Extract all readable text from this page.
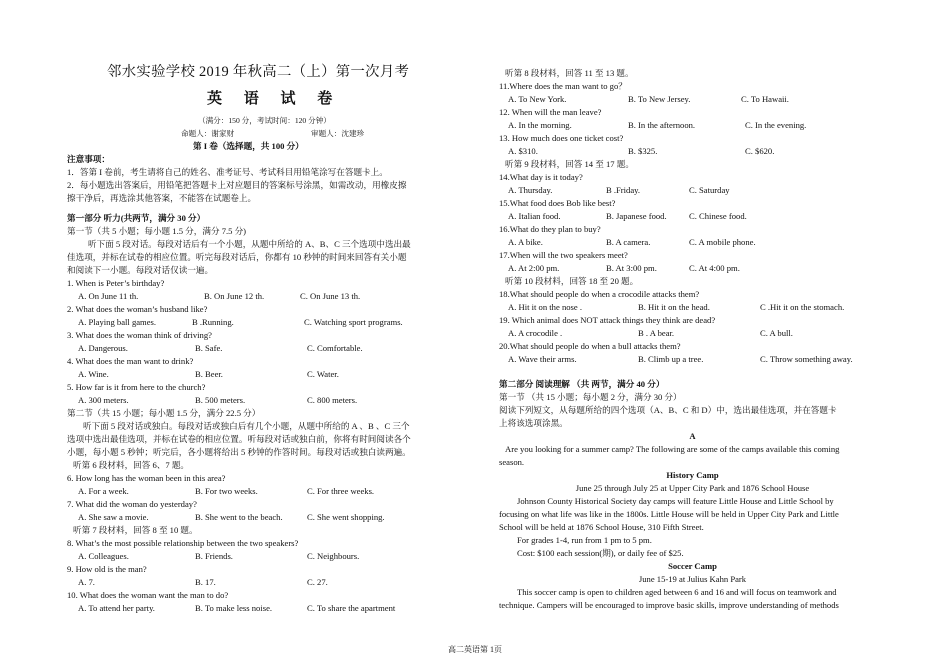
邻水实验学校 2019 年秋高二（上）第一次月考
英 语 试 卷
（满分：150 分，考试时间：120 分钟）
命题人：谢家财	审题人：沈建珍
第 I 卷（选择题，共 100 分）
注意事项：
1．答第 I 卷前，考生请将自己的姓名、准考证号、考试科目用铅笔涂写在答题卡上。
2．每小题选出答案后，用铅笔把答题卡上对应题目的答案标号涂黑，如需改动，用橡皮擦
擦干净后，再选涂其他答案，不能答在试题卷上。
第一部分 听力(共两节，满分 30 分）
第一节（共 5 小题；每小题 1.5 分，满分 7.5 分)
听下面 5 段对话。每段对话后有一个小题，从题中所给的 A、B、C 三个选项中选出最
佳选项，并标在试卷的相应位置。听完每段对话后，你都有 10 秒钟的时间来回答有关小题
和阅读下一小题。每段对话仅读一遍。
1. When is Peter’s birthday?
A. On June 11 th.	B. On June 12 th.	C. On June 13 th.
2. What does the woman’s husband like?
A. Playing ball games.	B .Running.	C. Watching sport programs.
3. What does the woman think of driving?
A. Dangerous.	B. Safe.	C. Comfortable.
4. What does the man want to drink?
A. Wine.	B. Beer.	C. Water.
5. How far is it from here to the church?
A. 300 meters.	B. 500 meters.	C. 800 meters.
第二节（共 15 小题；每小题 1.5 分，满分 22.5 分）
听下面 5 段对话或独白。每段对话或独白后有几个小题，从题中所给的 A 、B 、C 三个
选项中选出最佳选项，并标在试卷的相应位置。听每段对话或独白前，你将有时间阅读各个
小题，每小题 5 秒钟；听完后，各小题将给出 5 秒钟的作答时间。每段对话或独白读两遍。
听第 6 段材料，回答 6、7 题。
6. How long has the woman been in this area?
A. For a week.	B. For two weeks.	C. For three weeks.
7. What did the woman do yesterday?
A. She saw a movie.	B. She went to the beach.	C. She went shopping.
听第 7 段材料，回答 8 至 10 题。
8. What’s the most possible relationship between the two speakers?
A. Colleagues.	B. Friends.	C. Neighbours.
9. How old is the man?
A. 7.	B. 17.	C. 27.
10. What does the woman want the man to do?
A. To attend her party.	B. To make less noise.	C. To share the apartment
听第 8 段材料，回答 11 至 13 题。
11.Where does the man want to go？
A. To New York.	B. To New Jersey.	C. To Hawaii.
12. When will the man leave?
A. In the morning.	B. In the afternoon.	C. In the evening.
13. How much does one ticket cost?
A. $310.	B. $325.	C. $620.
听第 9 段材料，回答 14 至 17 题。
14.What day is it today?
A. Thursday.	B .Friday.	C. Saturday
15.What food does Bob like best?
A. Italian food.	B. Japanese food.	C. Chinese food.
16.What do they plan to buy?
A. A bike.	B. A camera.	C. A mobile phone.
17.When will the two speakers meet?
A. At 2:00 pm.	B. At 3:00 pm.	C. At 4:00 pm.
听第 10 段材料，回答 18 至 20 题。
18.What should people do when a crocodile attacks them?
A. Hit it on the nose .	B. Hit it on the head.	C .Hit it on the stomach.
19. Which animal does NOT attack things they think are dead?
A. A crocodile .	B . A bear.	C. A bull.
20.What should people do when a bull attacks them?
A. Wave their arms.	B. Climb up a tree.	C. Throw something away.
第二部分 阅读理解 （共 两节，满分 40 分）
第一节 （共 15 小题；每小题 2 分，满分 30 分）
阅读下列短文，从每题所给的四个选项（A、B、C 和 D）中，选出最佳选项，并在答题卡
上将该选项涂黑。
A
Are you looking for a summer camp? The following are some of the camps available this coming
season.
History Camp
June 25 through July 25 at Upper City Park and 1876 School House
Johnson County Historical Society day camps will feature Little House and Little School by
focusing on what life was like in the 1800s. Little House will be held in Upper City Park and Little
School will be held at 1876 School House, 310 Fifth Street.
For grades 1-4, run from 1 pm to 5 pm.
Cost: $100 each session(期), or daily fee of $25.
Soccer Camp
June 15-19 at Julius Kahn Park
This soccer camp is open to children aged between 6 and 16 and will focus on teamwork and
technique. Campers will be encouraged to improve basic skills, improve understanding of methods
高二英语第 1页
